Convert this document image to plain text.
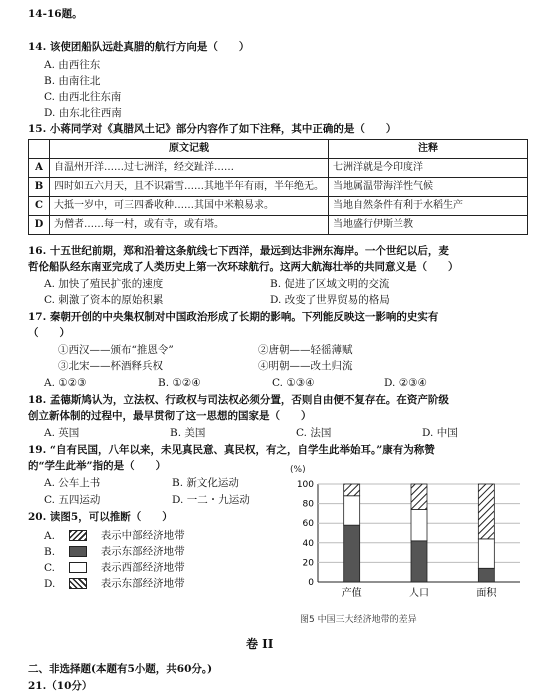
14-16题。
14. 该使团船队远赴真腊的航行方向是（　　）
A. 由西往东
B. 由南往北
C. 由西北往东南
D. 由东北往西南
15. 小蒋同学对《真腊风土记》部分内容作了如下注释，其中正确的是（　　）
	原文记载	注释
A	自温州开洋……过七洲洋，经交趾洋……	七洲洋就是今印度洋
B	四时如五六月天，且不识霜雪……其地半年有雨，半年绝无。	当地属温带海洋性气候
C	大抵一岁中，可三四番收种……其国中米粮易求。	当地自然条件有利于水稻生产
D	为僧者……每一村，或有寺，或有塔。	当地盛行伊斯兰教
16. 十五世纪前期，郑和沿着这条航线七下西洋，最远到达非洲东海岸。一个世纪以后，麦
哲伦船队经东南亚完成了人类历史上第一次环球航行。这两大航海壮举的共同意义是（　　）
A. 加快了殖民扩张的速度	B. 促进了区域文明的交流
C. 刺激了资本的原始积累	D. 改变了世界贸易的格局
17. 秦朝开创的中央集权制对中国政治形成了长期的影响。下列能反映这一影响的史实有
（　　）
①西汉——颁布“推恩令”	②唐朝——轻徭薄赋
③北宋——杯酒释兵权	④明朝——改土归流
A. ①②③	B. ①②④	C. ①③④	D. ②③④
18. 孟德斯鸠认为，立法权、行政权与司法权必须分置，否则自由便不复存在。在资产阶级
创立新体制的过程中，最早贯彻了这一思想的国家是（　　）
A. 英国	B. 美国	C. 法国	D. 中国
19. “自有民国，八年以来，未见真民意、真民权，有之，自学生此举始耳。”康有为称赞
的“学生此举”指的是（　　）
A. 公车上书	B. 新文化运动
C. 五四运动	D. 一二・九运动
20. 读图5，可以推断（　　）
A.	表示中部经济地带
B.	表示东部经济地带
C.	表示西部经济地带
D.	表示东部经济地带
(%)
0
20
40
60
80
100
产值	人口	面积
图5 中国三大经济地带的差异
卷 II
二、非选择题(本题有5小题，共60分。)
21.（10分）
